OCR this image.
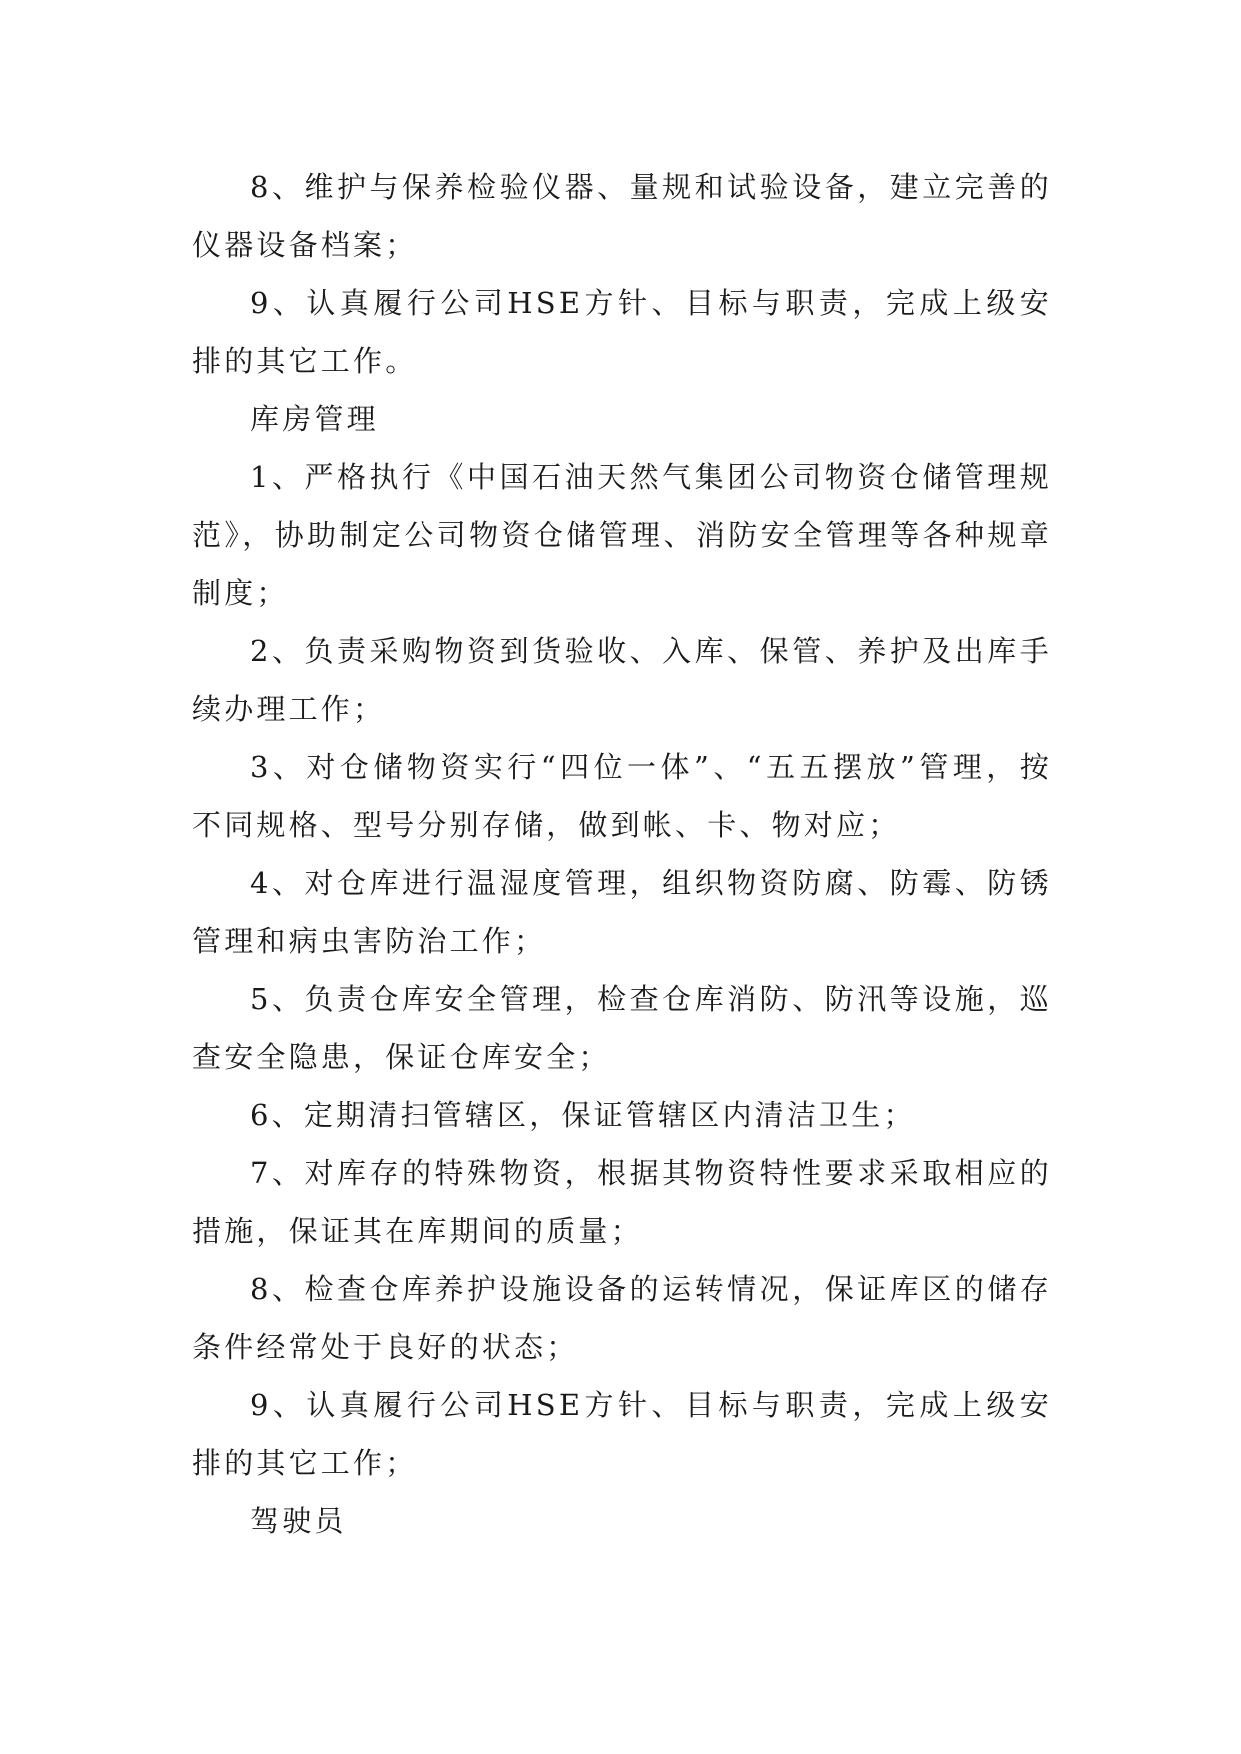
8、维护与保养检验仪器、量规和试验设备，建立完善的仪器设备档案；

9、认真履行公司HSE方针、目标与职责，完成上级安排的其它工作。

库房管理

1、严格执行《中国石油天然气集团公司物资仓储管理规范》，协助制定公司物资仓储管理、消防安全管理等各种规章制度；

2、负责采购物资到货验收、入库、保管、养护及出库手续办理工作；

3、对仓储物资实行“四位一体”、“五五摆放”管理，按不同规格、型号分别存储，做到帐、卡、物对应；

4、对仓库进行温湿度管理，组织物资防腐、防霉、防锈管理和病虫害防治工作；

5、负责仓库安全管理，检查仓库消防、防汛等设施，巡查安全隐患，保证仓库安全；

6、定期清扫管辖区，保证管辖区内清洁卫生；

7、对库存的特殊物资，根据其物资特性要求采取相应的措施，保证其在库期间的质量；

8、检查仓库养护设施设备的运转情况，保证库区的储存条件经常处于良好的状态；

9、认真履行公司HSE方针、目标与职责，完成上级安排的其它工作；

驾驶员
